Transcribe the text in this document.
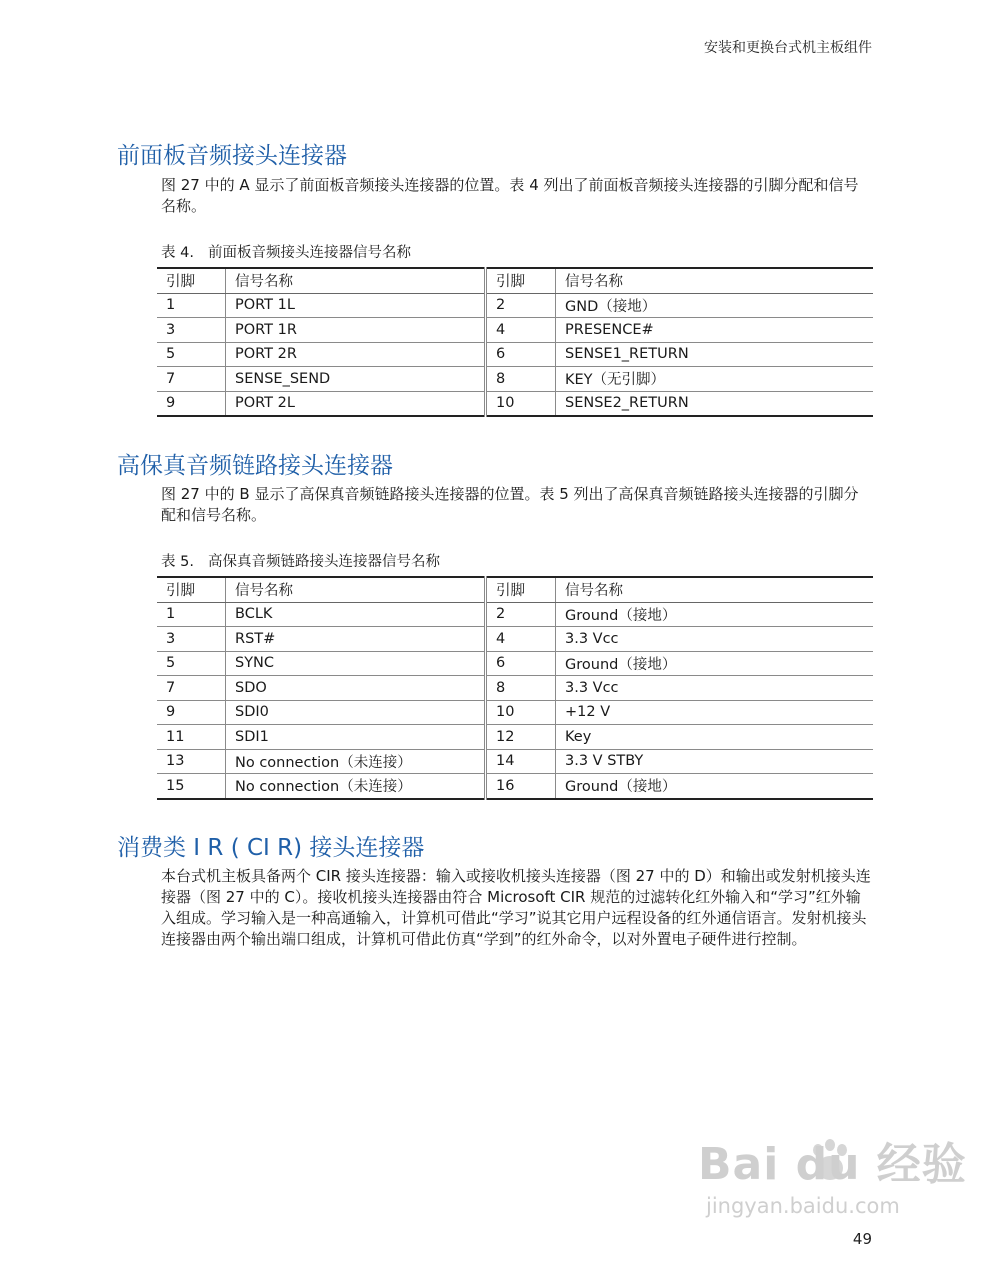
安装和更换台式机主板组件
前面板音频接头连接器

图 27 中的 A 显示了前面板音频接头连接器的位置。表 4 列出了前面板音频接头连接器的引脚分配和信号名称。

表 4. 前面板音频接头连接器信号名称
引脚	信号名称	引脚	信号名称
1	PORT 1L	2	GND（接地）
3	PORT 1R	4	PRESENCE#
5	PORT 2R	6	SENSE1_RETURN
7	SENSE_SEND	8	KEY（无引脚）
9	PORT 2L	10	SENSE2_RETURN
高保真音频链路接头连接器

图 27 中的 B 显示了高保真音频链路接头连接器的位置。表 5 列出了高保真音频链路接头连接器的引脚分配和信号名称。

表 5. 高保真音频链路接头连接器信号名称
引脚	信号名称	引脚	信号名称
1	BCLK	2	Ground（接地）
3	RST#	4	3.3 Vcc
5	SYNC	6	Ground（接地）
7	SDO	8	3.3 Vcc
9	SDI0	10	+12 V
11	SDI1	12	Key
13	No connection（未连接）	14	3.3 V STBY
15	No connection（未连接）	16	Ground（接地）
消费类 I R ( CI R) 接头连接器

本台式机主板具备两个 CIR 接头连接器：输入或接收机接头连接器（图 27 中的 D）和输出或发射机接头连接器（图 27 中的 C）。接收机接头连接器由符合 Microsoft CIR 规范的过滤转化红外输入和“学习”红外输入组成。学习输入是一种高通输入，计算机可借此“学习”说其它用户远程设备的红外通信语言。发射机接头连接器由两个输出端口组成，计算机可借此仿真“学到”的红外命令，以对外置电子硬件进行控制。

Bai du 经验
jingyan.baidu.com
49
